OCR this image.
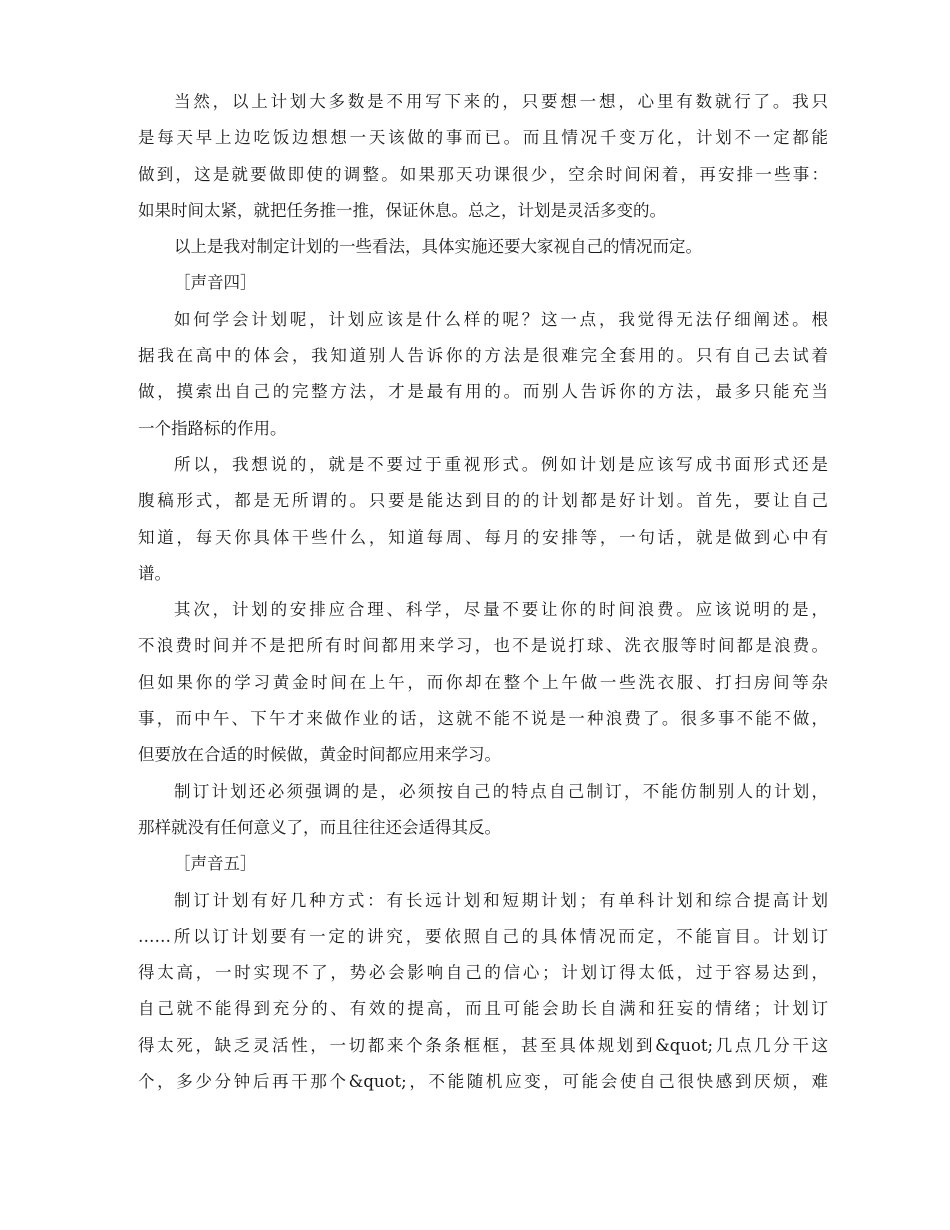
当然，以上计划大多数是不用写下来的，只要想一想，心里有数就行了。我只
是每天早上边吃饭边想想一天该做的事而已。而且情况千变万化，计划不一定都能
做到，这是就要做即使的调整。如果那天功课很少，空余时间闲着，再安排一些事：
如果时间太紧，就把任务推一推，保证休息。总之，计划是灵活多变的。
以上是我对制定计划的一些看法，具体实施还要大家视自己的情况而定。
［声音四］
如何学会计划呢，计划应该是什么样的呢？这一点，我觉得无法仔细阐述。根
据我在高中的体会，我知道别人告诉你的方法是很难完全套用的。只有自己去试着
做，摸索出自己的完整方法，才是最有用的。而别人告诉你的方法，最多只能充当
一个指路标的作用。
所以，我想说的，就是不要过于重视形式。例如计划是应该写成书面形式还是
腹稿形式，都是无所谓的。只要是能达到目的的计划都是好计划。首先，要让自己
知道，每天你具体干些什么，知道每周、每月的安排等，一句话，就是做到心中有
谱。
其次，计划的安排应合理、科学，尽量不要让你的时间浪费。应该说明的是，
不浪费时间并不是把所有时间都用来学习，也不是说打球、洗衣服等时间都是浪费。
但如果你的学习黄金时间在上午，而你却在整个上午做一些洗衣服、打扫房间等杂
事，而中午、下午才来做作业的话，这就不能不说是一种浪费了。很多事不能不做，
但要放在合适的时候做，黄金时间都应用来学习。
制订计划还必须强调的是，必须按自己的特点自己制订，不能仿制别人的计划，
那样就没有任何意义了，而且往往还会适得其反。
［声音五］
制订计划有好几种方式：有长远计划和短期计划；有单科计划和综合提高计划
……所以订计划要有一定的讲究，要依照自己的具体情况而定，不能盲目。计划订
得太高，一时实现不了，势必会影响自己的信心；计划订得太低，过于容易达到，
自己就不能得到充分的、有效的提高，而且可能会助长自满和狂妄的情绪；计划订
得太死，缺乏灵活性，一切都来个条条框框，甚至具体规划到&quot;几点几分干这
个，多少分钟后再干那个&quot;，不能随机应变，可能会使自己很快感到厌烦，难
